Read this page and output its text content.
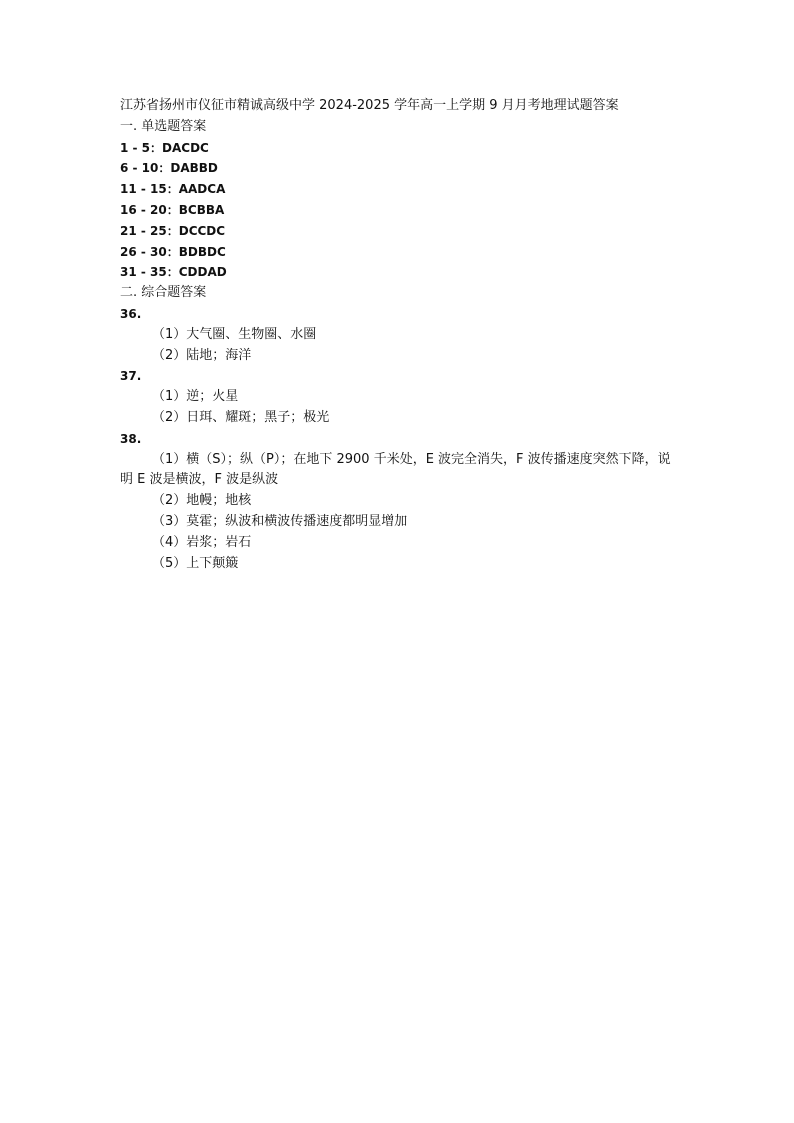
江苏省扬州市仪征市精诚高级中学 2024-2025 学年高一上学期 9 月月考地理试题答案
一. 单选题答案
1 - 5：DACDC
6 - 10：DABBD
11 - 15：AADCA
16 - 20：BCBBA
21 - 25：DCCDC
26 - 30：BDBDC
31 - 35：CDDAD
二. 综合题答案
36.
（1）大气圈、生物圈、水圈
（2）陆地；海洋
37.
（1）逆；火星
（2）日珥、耀斑；黑子；极光
38.
（1）横（S）；纵（P）；在地下 2900 千米处，E 波完全消失，F 波传播速度突然下降，说明 E 波是横波，F 波是纵波
（2）地幔；地核
（3）莫霍；纵波和横波传播速度都明显增加
（4）岩浆；岩石
（5）上下颠簸
